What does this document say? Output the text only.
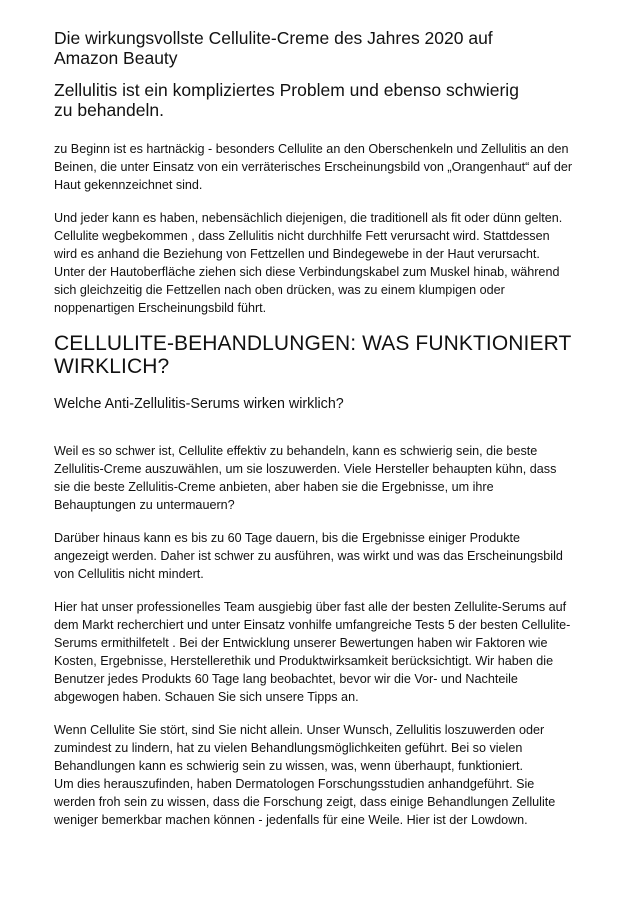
Die wirkungsvollste Cellulite-Creme des Jahres 2020 auf
Amazon Beauty
Zellulitis ist ein kompliziertes Problem und ebenso schwierig
zu behandeln.
zu Beginn ist es hartnäckig - besonders Cellulite an den Oberschenkeln und Zellulitis an den
Beinen, die unter Einsatz von ein verräterisches Erscheinungsbild von „Orangenhaut“ auf der
Haut gekennzeichnet sind.
Und jeder kann es haben, nebensächlich diejenigen, die traditionell als fit oder dünn gelten.
Cellulite wegbekommen , dass Zellulitis nicht durchhilfe Fett verursacht wird. Stattdessen
wird es anhand die Beziehung von Fettzellen und Bindegewebe in der Haut verursacht.
Unter der Hautoberfläche ziehen sich diese Verbindungskabel zum Muskel hinab, während
sich gleichzeitig die Fettzellen nach oben drücken, was zu einem klumpigen oder
noppenartigen Erscheinungsbild führt.
CELLULITE-BEHANDLUNGEN: WAS FUNKTIONIERT
WIRKLICH?
Welche Anti-Zellulitis-Serums wirken wirklich?
Weil es so schwer ist, Cellulite effektiv zu behandeln, kann es schwierig sein, die beste
Zellulitis-Creme auszuwählen, um sie loszuwerden. Viele Hersteller behaupten kühn, dass
sie die beste Zellulitis-Creme anbieten, aber haben sie die Ergebnisse, um ihre
Behauptungen zu untermauern?
Darüber hinaus kann es bis zu 60 Tage dauern, bis die Ergebnisse einiger Produkte
angezeigt werden. Daher ist schwer zu ausführen, was wirkt und was das Erscheinungsbild
von Cellulitis nicht mindert.
Hier hat unser professionelles Team ausgiebig über fast alle der besten Zellulite-Serums auf
dem Markt recherchiert und unter Einsatz vonhilfe umfangreiche Tests 5 der besten Cellulite-
Serums ermithilfetelt . Bei der Entwicklung unserer Bewertungen haben wir Faktoren wie
Kosten, Ergebnisse, Herstellerethik und Produktwirksamkeit berücksichtigt. Wir haben die
Benutzer jedes Produkts 60 Tage lang beobachtet, bevor wir die Vor- und Nachteile
abgewogen haben. Schauen Sie sich unsere Tipps an.
Wenn Cellulite Sie stört, sind Sie nicht allein. Unser Wunsch, Zellulitis loszuwerden oder
zumindest zu lindern, hat zu vielen Behandlungsmöglichkeiten geführt. Bei so vielen
Behandlungen kann es schwierig sein zu wissen, was, wenn überhaupt, funktioniert.
Um dies herauszufinden, haben Dermatologen Forschungsstudien anhandgeführt. Sie
werden froh sein zu wissen, dass die Forschung zeigt, dass einige Behandlungen Zellulite
weniger bemerkbar machen können - jedenfalls für eine Weile. Hier ist der Lowdown.
